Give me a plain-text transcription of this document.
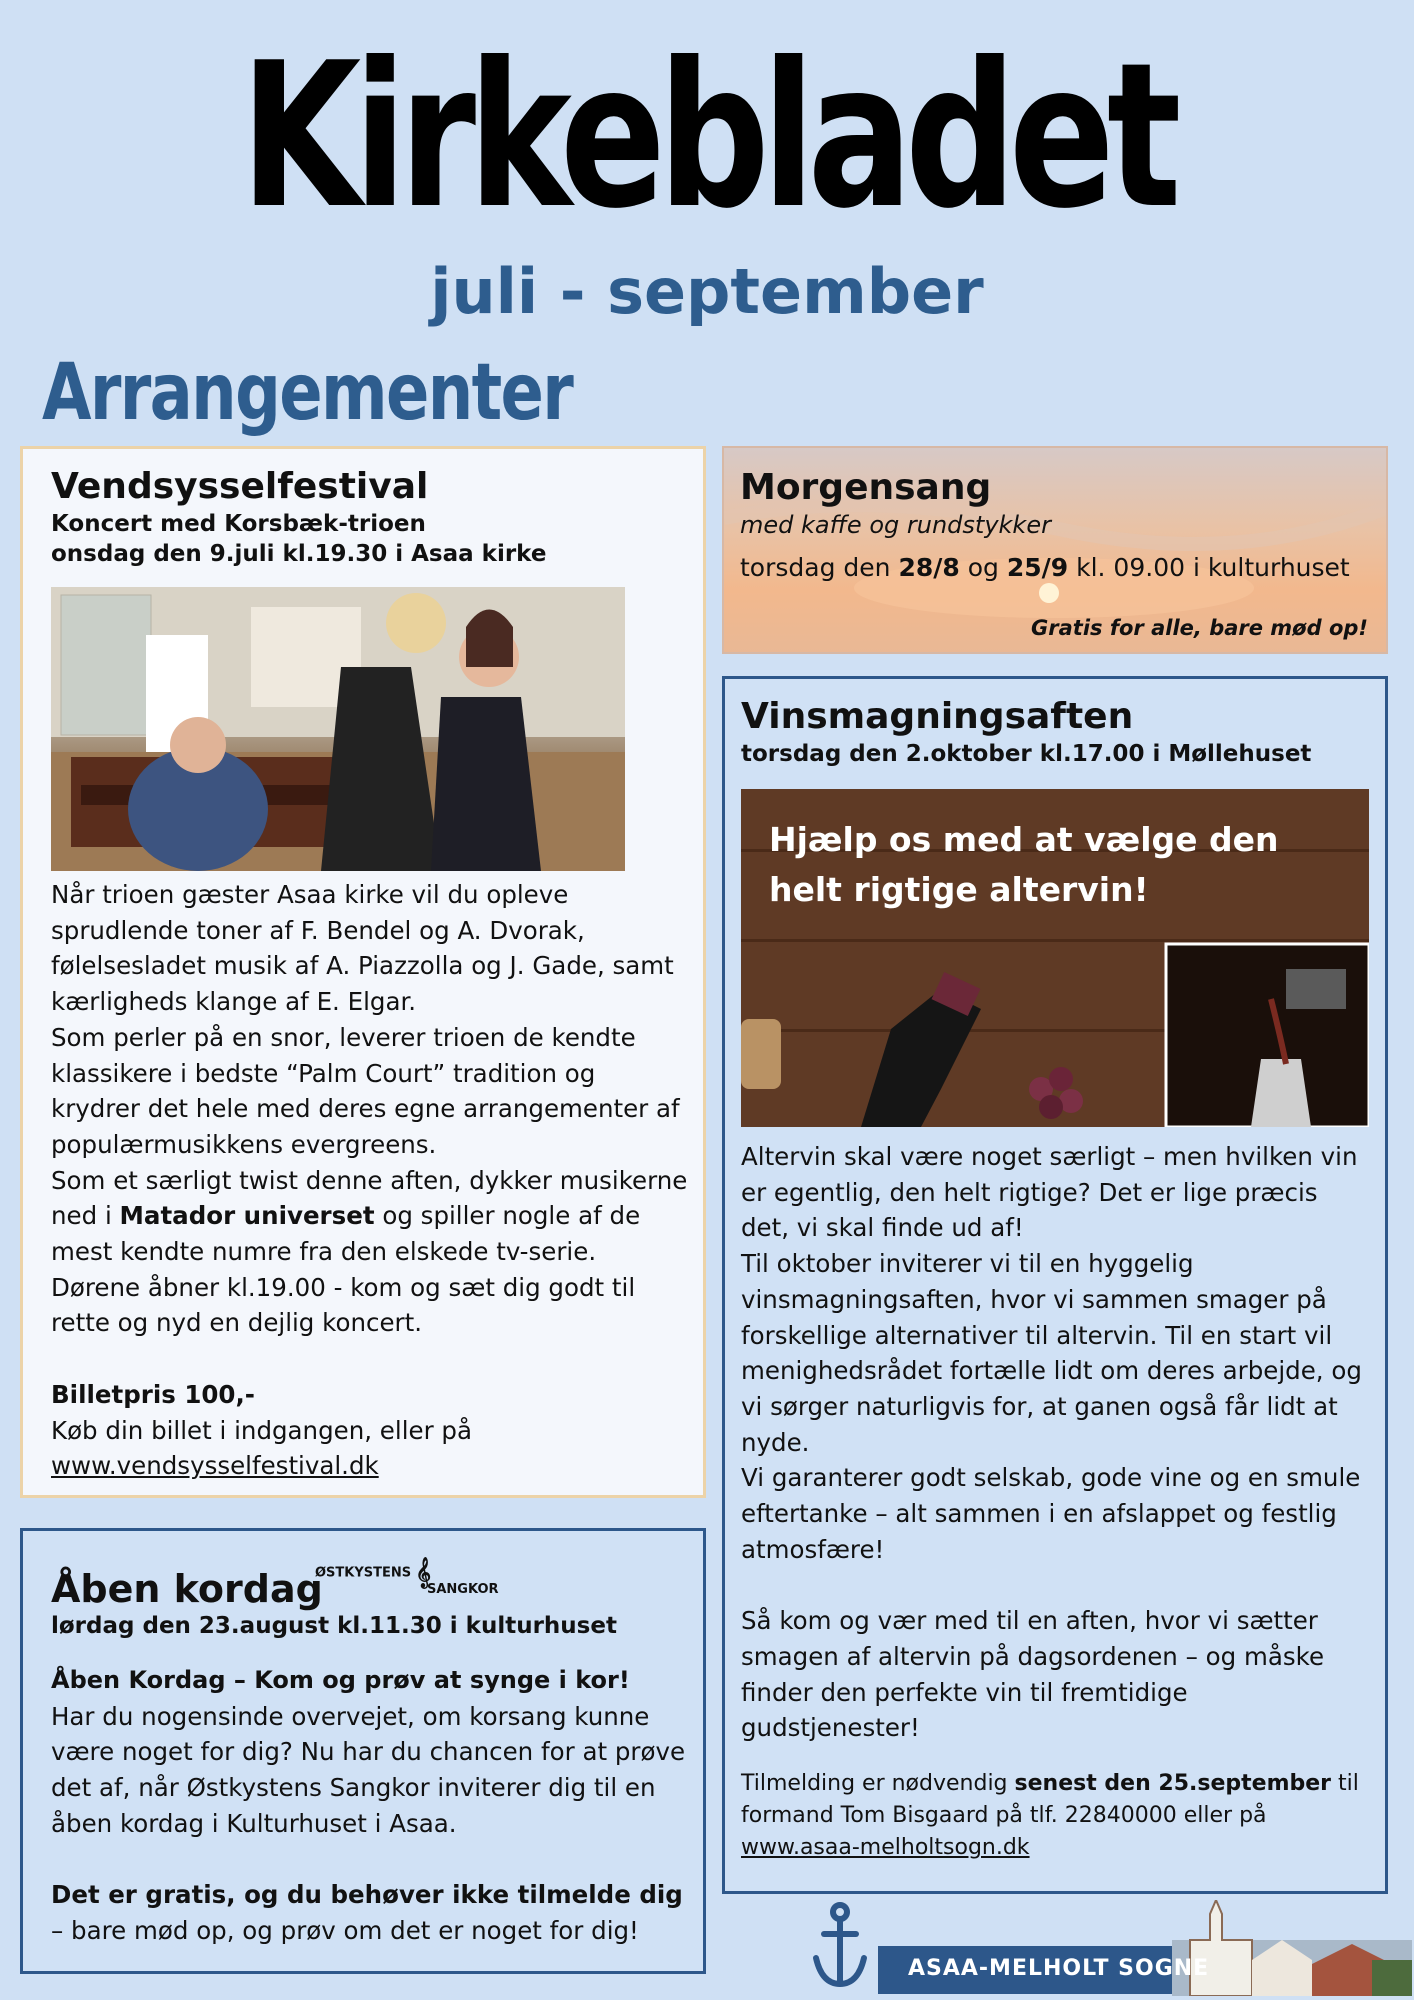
Kirkebladet
juli - september
Arrangementer

Vendsysselfestival

Koncert med Korsbæk-trioen

onsdag den 9.juli kl.19.30 i Asaa kirke

Når trioen gæster Asaa kirke vil du opleve sprudlende toner af F. Bendel og A. Dvorak, følelsesladet musik af A. Piazzolla og J. Gade, samt kærligheds klange af E. Elgar.

Som perler på en snor, leverer trioen de kendte klassikere i bedste “Palm Court” tradition og krydrer det hele med deres egne arrangementer af populærmusikkens evergreens.

Som et særligt twist denne aften, dykker musikerne ned i Matador universet og spiller nogle af de mest kendte numre fra den elskede tv-serie.

Dørene åbner kl.19.00 - kom og sæt dig godt til rette og nyd en dejlig koncert.

Billetpris 100,-

Køb din billet i indgangen, eller på

www.vendsysselfestival.dk

Morgensang

med kaffe og rundstykker

torsdag den 28/8 og 25/9 kl. 09.00 i kulturhuset

Gratis for alle, bare mød op!

Vinsmagningsaften

torsdag den 2.oktober kl.17.00 i Møllehuset

Hjælp os med at vælge den helt rigtige altervin!

Altervin skal være noget særligt – men hvilken vin er egentlig, den helt rigtige? Det er lige præcis det, vi skal finde ud af!

Til oktober inviterer vi til en hyggelig vinsmagningsaften, hvor vi sammen smager på forskellige alternativer til altervin. Til en start vil menighedsrådet fortælle lidt om deres arbejde, og vi sørger naturligvis for, at ganen også får lidt at nyde.

Vi garanterer godt selskab, gode vine og en smule eftertanke – alt sammen i en afslappet og festlig atmosfære!

Så kom og vær med til en aften, hvor vi sætter smagen af altervin på dagsordenen – og måske finder den perfekte vin til fremtidige gudstjenester!

Tilmelding er nødvendig senest den 25.september til formand Tom Bisgaard på tlf. 22840000 eller på
www.asaa-melholtsogn.dk

Åben kordag

ØSTKYSTENS 𝄞
SANGKOR

lørdag den 23.august kl.11.30 i kulturhuset

Åben Kordag – Kom og prøv at synge i kor!

Har du nogensinde overvejet, om korsang kunne være noget for dig? Nu har du chancen for at prøve det af, når Østkystens Sangkor inviterer dig til en åben kordag i Kulturhuset i Asaa.

Det er gratis, og du behøver ikke tilmelde dig – bare mød op, og prøv om det er noget for dig!

ASAA-MELHOLT SOGNE
